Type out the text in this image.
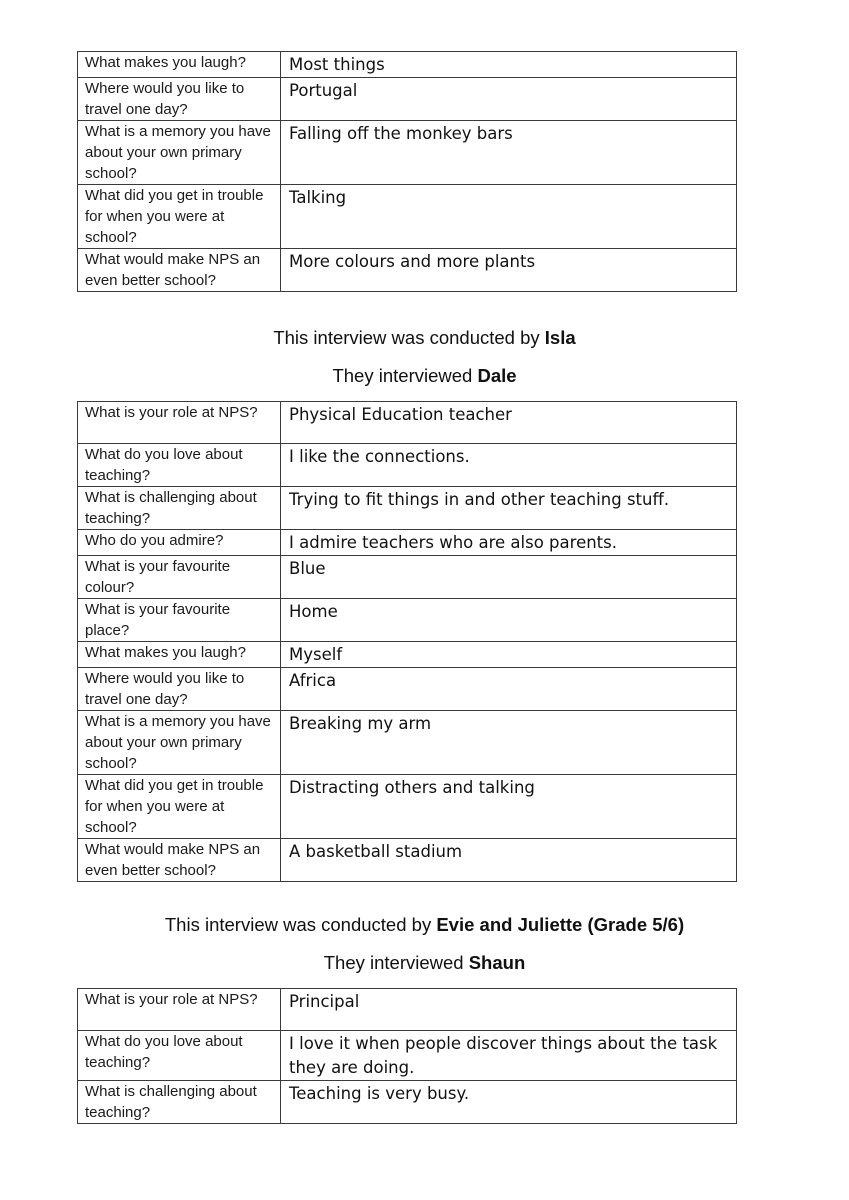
What makes you laugh?	Most things
Where would you like to travel one day?	Portugal
What is a memory you have about your own primary school?	Falling off the monkey bars
What did you get in trouble for when you were at school?	Talking
What would make NPS an even better school?	More colours and more plants
This interview was conducted by Isla
They interviewed Dale
What is your role at NPS?	Physical Education teacher
What do you love about teaching?	I like the connections.
What is challenging about teaching?	Trying to fit things in and other teaching stuff.
Who do you admire?	I admire teachers who are also parents.
What is your favourite colour?	Blue
What is your favourite place?	Home
What makes you laugh?	Myself
Where would you like to travel one day?	Africa
What is a memory you have about your own primary school?	Breaking my arm
What did you get in trouble for when you were at school?	Distracting others and talking
What would make NPS an even better school?	A basketball stadium
This interview was conducted by Evie and Juliette (Grade 5/6)
They interviewed Shaun
What is your role at NPS?	Principal
What do you love about teaching?	I love it when people discover things about the task they are doing.
What is challenging about teaching?	Teaching is very busy.
